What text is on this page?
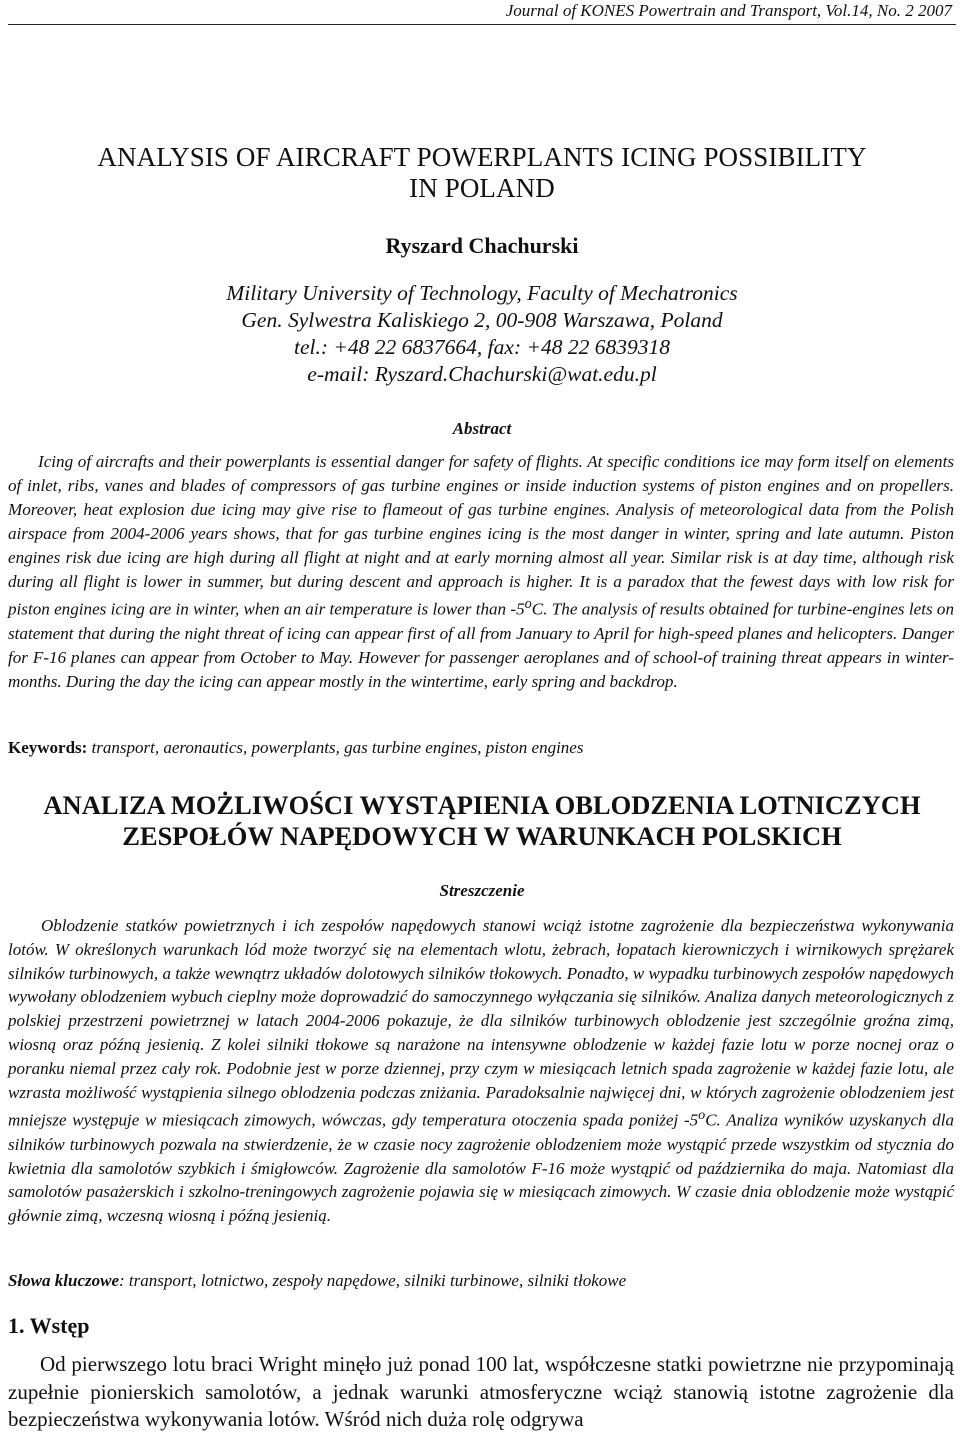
Journal of KONES Powertrain and Transport, Vol.14, No. 2 2007
ANALYSIS OF AIRCRAFT POWERPLANTS ICING POSSIBILITY
IN POLAND
Ryszard Chachurski
Military University of Technology, Faculty of Mechatronics
Gen. Sylwestra Kaliskiego 2, 00-908 Warszawa, Poland
tel.: +48 22 6837664, fax: +48 22 6839318
e-mail: Ryszard.Chachurski@wat.edu.pl
Abstract

Icing of aircrafts and their powerplants is essential danger for safety of flights. At specific conditions ice may form itself on elements of inlet, ribs, vanes and blades of compressors of gas turbine engines or inside induction systems of piston engines and on propellers. Moreover, heat explosion due icing may give rise to flameout of gas turbine engines. Analysis of meteorological data from the Polish airspace from 2004-2006 years shows, that for gas turbine engines icing is the most danger in winter, spring and late autumn. Piston engines risk due icing are high during all flight at night and at early morning almost all year. Similar risk is at day time, although risk during all flight is lower in summer, but during descent and approach is higher. It is a paradox that the fewest days with low risk for piston engines icing are in winter, when an air temperature is lower than -5$^o$C. The analysis of results obtained for turbine-engines lets on statement that during the night threat of icing can appear first of all from January to April for high-speed planes and helicopters. Danger for F-16 planes can appear from October to May. However for passenger aeroplanes and of school-of training threat appears in winter-months. During the day the icing can appear mostly in the wintertime, early spring and backdrop.

Keywords: transport, aeronautics, powerplants, gas turbine engines, piston engines
ANALIZA MOŻLIWOŚCI WYSTĄPIENIA OBLODZENIA LOTNICZYCH
ZESPOŁÓW NAPĘDOWYCH W WARUNKACH POLSKICH
Streszczenie

Oblodzenie statków powietrznych i ich zespołów napędowych stanowi wciąż istotne zagrożenie dla bezpieczeństwa wykonywania lotów. W określonych warunkach lód może tworzyć się na elementach wlotu, żebrach, łopatach kierowniczych i wirnikowych sprężarek silników turbinowych, a także wewnątrz układów dolotowych silników tłokowych. Ponadto, w wypadku turbinowych zespołów napędowych wywołany oblodzeniem wybuch cieplny może doprowadzić do samoczynnego wyłączania się silników. Analiza danych meteorologicznych z polskiej przestrzeni powietrznej w latach 2004-2006 pokazuje, że dla silników turbinowych oblodzenie jest szczególnie groźna zimą, wiosną oraz późną jesienią. Z kolei silniki tłokowe są narażone na intensywne oblodzenie w każdej fazie lotu w porze nocnej oraz o poranku niemal przez cały rok. Podobnie jest w porze dziennej, przy czym w miesiącach letnich spada zagrożenie w każdej fazie lotu, ale wzrasta możliwość wystąpienia silnego oblodzenia podczas zniżania. Paradoksalnie najwięcej dni, w których zagrożenie oblodzeniem jest mniejsze występuje w miesiącach zimowych, wówczas, gdy temperatura otoczenia spada poniżej -5$^o$C. Analiza wyników uzyskanych dla silników turbinowych pozwala na stwierdzenie, że w czasie nocy zagrożenie oblodzeniem może wystąpić przede wszystkim od stycznia do kwietnia dla samolotów szybkich i śmigłowców. Zagrożenie dla samolotów F-16 może wystąpić od października do maja. Natomiast dla samolotów pasażerskich i szkolno-treningowych zagrożenie pojawia się w miesiącach zimowych. W czasie dnia oblodzenie może wystąpić głównie zimą, wczesną wiosną i późną jesienią.

Słowa kluczowe: transport, lotnictwo, zespoły napędowe, silniki turbinowe, silniki tłokowe
1. Wstęp

Od pierwszego lotu braci Wright minęło już ponad 100 lat, współczesne statki powietrzne nie przypominają zupełnie pionierskich samolotów, a jednak warunki atmosferyczne wciąż stanowią istotne zagrożenie dla bezpieczeństwa wykonywania lotów. Wśród nich duża rolę odgrywa
